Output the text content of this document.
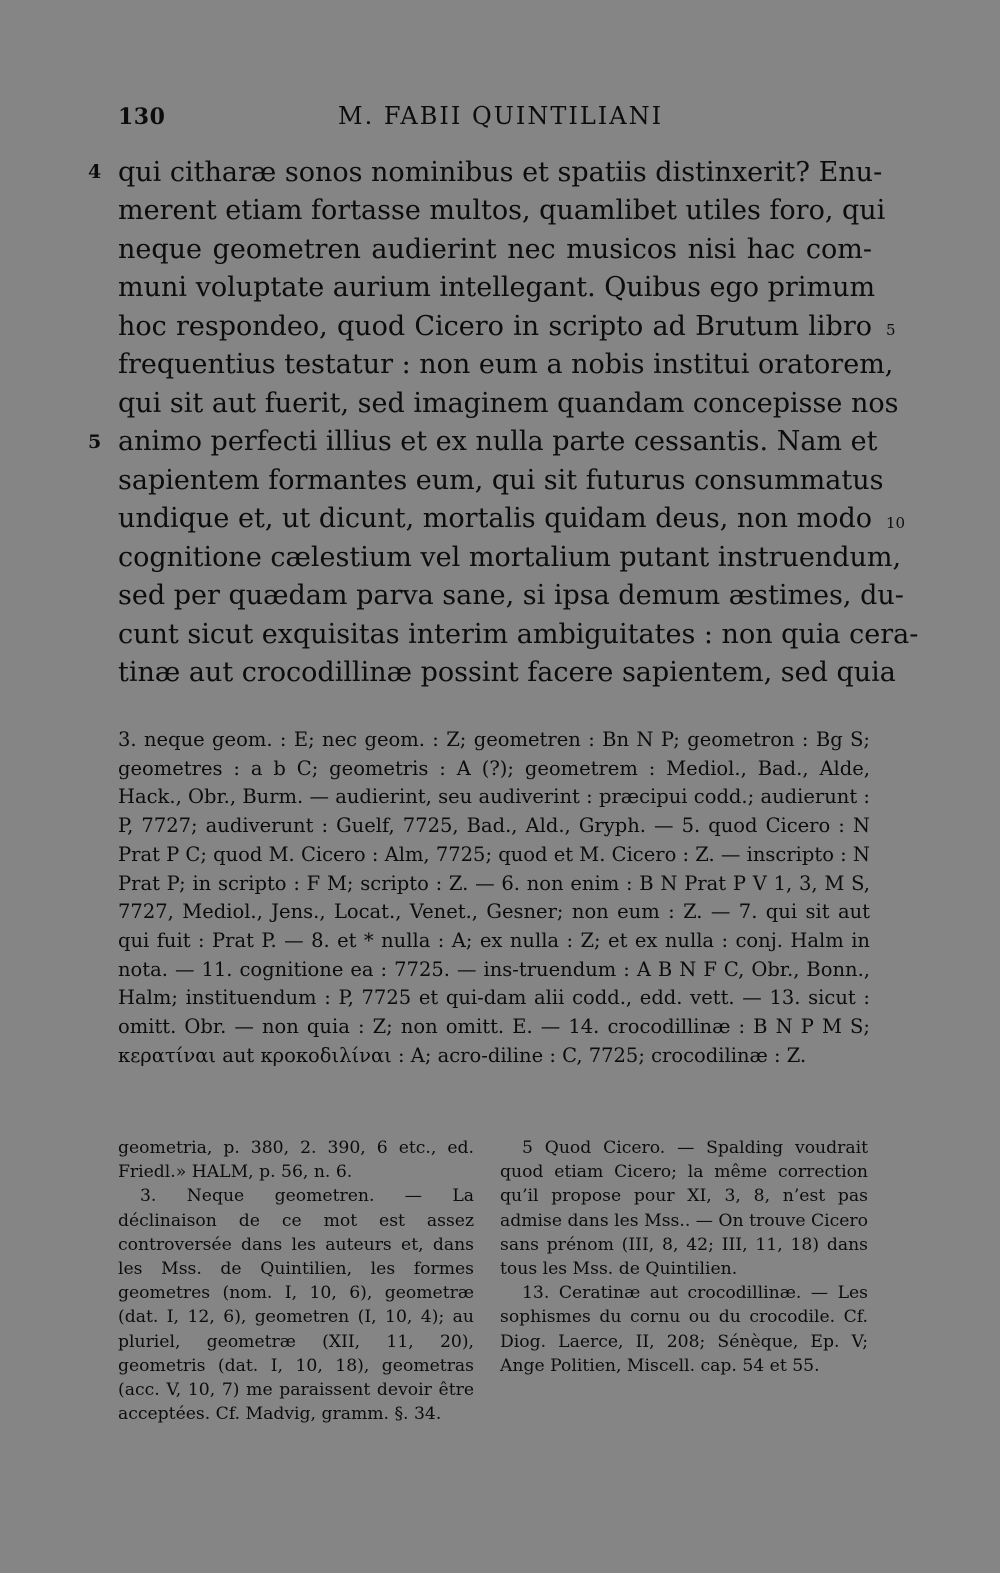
130	M. FABII QUINTILIANI
qui citharæ sonos nominibus et spatiis distinxerit? Enu-
merent etiam fortasse multos, quamlibet utiles foro, qui
neque geometren audierint nec musicos nisi hac com-
muni voluptate aurium intellegant. Quibus ego primum
hoc respondeo, quod Cicero in scripto ad Brutum libro
frequentius testatur : non eum a nobis institui oratorem,
qui sit aut fuerit, sed imaginem quandam concepisse nos
animo perfecti illius et ex nulla parte cessantis. Nam et
sapientem formantes eum, qui sit futurus consummatus
undique et, ut dicunt, mortalis quidam deus, non modo
cognitione cælestium vel mortalium putant instruendum,
sed per quædam parva sane, si ipsa demum æstimes, du-
cunt sicut exquisitas interim ambiguitates : non quia cera-
tinæ aut crocodillinæ possint facere sapientem, sed quia
4
5
5
10
3. neque geom. : E; nec geom. : Z; geometren : Bn N P; geometron : Bg S; geometres : a b C; geometris : A (?); geometrem : Mediol., Bad., Alde, Hack., Obr., Burm. — audierint, seu audiverint : præcipui codd.; audierunt : P, 7727; audiverunt : Guelf, 7725, Bad., Ald., Gryph. — 5. quod Cicero : N Prat P C; quod M. Cicero : Alm, 7725; quod et M. Cicero : Z. — inscripto : N Prat P; in scripto : F M; scripto : Z. — 6. non enim : B N Prat P V 1, 3, M S, 7727, Mediol., Jens., Locat., Venet., Gesner; non eum : Z. — 7. qui sit aut qui fuit : Prat P. — 8. et * nulla : A; ex nulla : Z; et ex nulla : conj. Halm in nota. — 11. cognitione ea : 7725. — ins-truendum : A B N F C, Obr., Bonn., Halm; instituendum : P, 7725 et qui-dam alii codd., edd. vett. — 13. sicut : omitt. Obr. — non quia : Z; non omitt. E. — 14. crocodillinæ : B N P M S; κερατίναι aut κροκοδιλίναι : A; acro-diline : C, 7725; crocodilinæ : Z.

geometria, p. 380, 2. 390, 6 etc., ed. Friedl.» HALM, p. 56, n. 6.

3. Neque geometren. — La déclinaison de ce mot est assez controversée dans les auteurs et, dans les Mss. de Quintilien, les formes geometres (nom. I, 10, 6), geometræ (dat. I, 12, 6), geometren (I, 10, 4); au pluriel, geometræ (XII, 11, 20), geometris (dat. I, 10, 18), geometras (acc. V, 10, 7) me paraissent devoir être acceptées. Cf. Madvig, gramm. §. 34.

5 Quod Cicero. — Spalding voudrait quod etiam Cicero; la même correction qu’il propose pour XI, 3, 8, n’est pas admise dans les Mss.. — On trouve Cicero sans prénom (III, 8, 42; III, 11, 18) dans tous les Mss. de Quintilien.

13. Ceratinæ aut crocodillinæ. — Les sophismes du cornu ou du crocodile. Cf. Diog. Laerce, II, 208; Sénèque, Ep. V; Ange Politien, Miscell. cap. 54 et 55.
